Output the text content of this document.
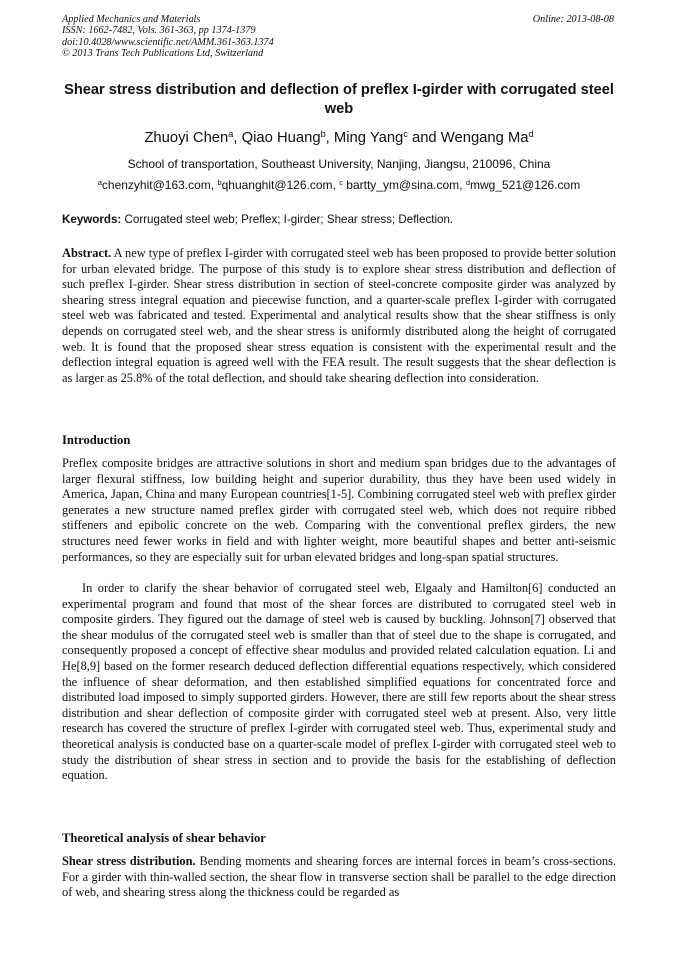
Applied Mechanics and Materials
ISSN: 1662-7482, Vols. 361-363, pp 1374-1379
doi:10.4028/www.scientific.net/AMM.361-363.1374
© 2013 Trans Tech Publications Ltd, Switzerland
Online: 2013-08-08
Shear stress distribution and deflection of preflex I-girder with corrugated steel web
Zhuoyi Chen$^a$, Qiao Huang$^b$, Ming Yang$^c$ and Wengang Ma$^d$
School of transportation, Southeast University, Nanjing, Jiangsu, 210096, China
$^a$chenzyhit@163.com, $^b$qhuanghit@126.com, $^c$ bartty_ym@sina.com, $^d$mwg_521@126.com
Keywords: Corrugated steel web; Preflex; I-girder; Shear stress; Deflection.
Abstract. A new type of preflex I-girder with corrugated steel web has been proposed to provide better solution for urban elevated bridge. The purpose of this study is to explore shear stress distribution and deflection of such preflex I-girder. Shear stress distribution in section of steel-concrete composite girder was analyzed by shearing stress integral equation and piecewise function, and a quarter-scale preflex I-girder with corrugated steel web was fabricated and tested. Experimental and analytical results show that the shear stiffness is only depends on corrugated steel web, and the shear stress is uniformly distributed along the height of corrugated web. It is found that the proposed shear stress equation is consistent with the experimental result and the deflection integral equation is agreed well with the FEA result. The result suggests that the shear deflection is as larger as 25.8% of the total deflection, and should take shearing deflection into consideration.
Introduction
Preflex composite bridges are attractive solutions in short and medium span bridges due to the advantages of larger flexural stiffness, low building height and superior durability, thus they have been used widely in America, Japan, China and many European countries[1-5]. Combining corrugated steel web with preflex girder generates a new structure named preflex girder with corrugated steel web, which does not require ribbed stiffeners and epibolic concrete on the web. Comparing with the conventional preflex girders, the new structures need fewer works in field and with lighter weight, more beautiful shapes and better anti-seismic performances, so they are especially suit for urban elevated bridges and long-span spatial structures.
In order to clarify the shear behavior of corrugated steel web, Elgaaly and Hamilton[6] conducted an experimental program and found that most of the shear forces are distributed to corrugated steel web in composite girders. They figured out the damage of steel web is caused by buckling. Johnson[7] observed that the shear modulus of the corrugated steel web is smaller than that of steel due to the shape is corrugated, and consequently proposed a concept of effective shear modulus and provided related calculation equation. Li and He[8,9] based on the former research deduced deflection differential equations respectively, which considered the influence of shear deformation, and then established simplified equations for concentrated force and distributed load imposed to simply supported girders. However, there are still few reports about the shear stress distribution and shear deflection of composite girder with corrugated steel web at present. Also, very little research has covered the structure of preflex I-girder with corrugated steel web. Thus, experimental study and theoretical analysis is conducted base on a quarter-scale model of preflex I-girder with corrugated steel web to study the distribution of shear stress in section and to provide the basis for the establishing of deflection equation.
Theoretical analysis of shear behavior
Shear stress distribution. Bending moments and shearing forces are internal forces in beam’s cross-sections. For a girder with thin-walled section, the shear flow in transverse section shall be parallel to the edge direction of web, and shearing stress along the thickness could be regarded as
